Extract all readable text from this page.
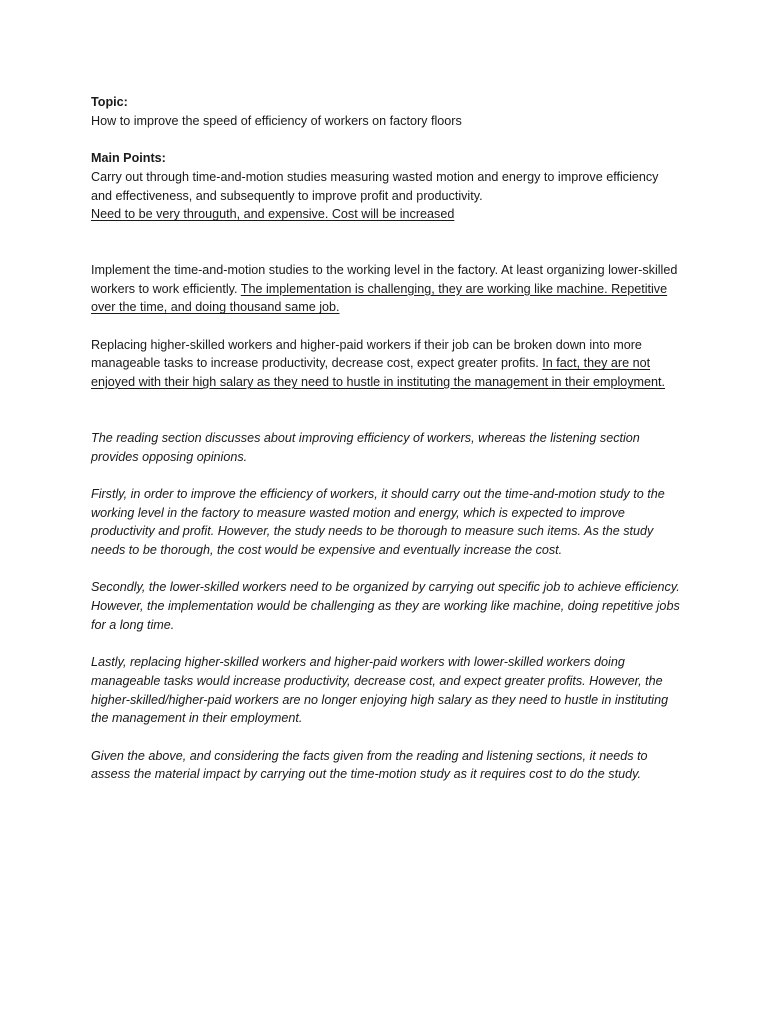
Topic:
How to improve the speed of efficiency of workers on factory floors
Main Points:

Carry out through time-and-motion studies measuring wasted motion and energy to improve efficiency and effectiveness, and subsequently to improve profit and productivity.

Need to be very througuth, and expensive. Cost will be increased

Implement the time-and-motion studies to the working level in the factory. At least organizing lower-skilled workers to work efficiently. The implementation is challenging, they are working like machine. Repetitive over the time, and doing thousand same job.

Replacing higher-skilled workers and higher-paid workers if their job can be broken down into more manageable tasks to increase productivity, decrease cost, expect greater profits. In fact, they are not enjoyed with their high salary as they need to hustle in instituting the management in their employment.

The reading section discusses about improving efficiency of workers, whereas the listening section provides opposing opinions.

Firstly, in order to improve the efficiency of workers, it should carry out the time-and-motion study to the working level in the factory to measure wasted motion and energy, which is expected to improve productivity and profit. However, the study needs to be thorough to measure such items. As the study needs to be thorough, the cost would be expensive and eventually increase the cost.

Secondly, the lower-skilled workers need to be organized by carrying out specific job to achieve efficiency. However, the implementation would be challenging as they are working like machine, doing repetitive jobs for a long time.

Lastly, replacing higher-skilled workers and higher-paid workers with lower-skilled workers doing manageable tasks would increase productivity, decrease cost, and expect greater profits. However, the higher-skilled/higher-paid workers are no longer enjoying high salary as they need to hustle in instituting the management in their employment.

Given the above, and considering the facts given from the reading and listening sections, it needs to assess the material impact by carrying out the time-motion study as it requires cost to do the study.
